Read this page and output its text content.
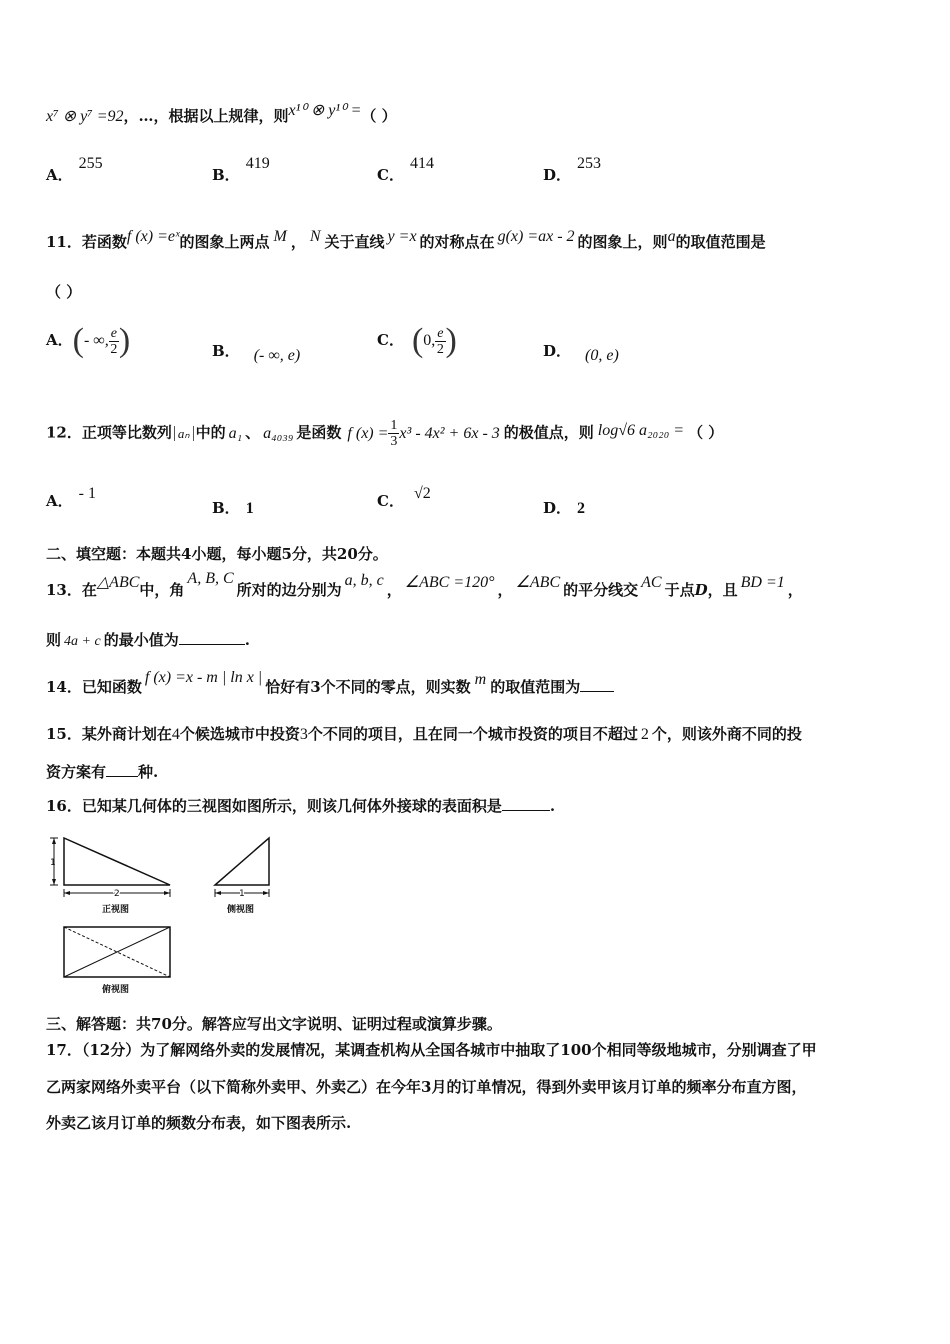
x⁷ ⊗ y⁷ =92，…，根据以上规律，则x¹⁰ ⊗ y¹⁰ =（ ）
A．255
B．419
C．414
D．253
11．若函数f (x) =eˣ的图象上两点 M ， N 关于直线 y =x 的对称点在 g(x) =ax - 2 的图象上，则a的取值范围是
（ ）
A．(- ∞, $\frac{e}{2}$ )	B． (- ∞, e)
C． (0, $\frac{e}{2}$ )	D． (0, e)
12．正项等比数列 aₙ 中的 a₁ 、 a₄₀₃₉ 是函数 f $(x) = \frac{1}{3} x^3 - 4x^2 + 6x - 3$ 的极值点，则 log√6 a₂₀₂₀ = （ ）
A． - 1
B． 1	C． √2
D． 2
二、填空题：本题共4小题，每小题5分，共20分。
13．在△ABC中，角A, B, C所对的边分别为a, b, c， ∠ABC =120° ， ∠ABC 的平分线交 AC 于点D，且 BD =1 ，
则 4a + c 的最小值为	.
14．已知函数f (x) =x - m | ln x |恰好有3个不同的零点，则实数 m 的取值范围为
15．某外商计划在4个候选城市中投资3个不同的项目，且在同一个城市投资的项目不超过 2 个，则该外商不同的投
资方案有 种.
16．已知某几何体的三视图如图所示，则该几何体外接球的表面积是	.
1
2
正视图
1
侧视图
俯视图
三、解答题：共70分。解答应写出文字说明、证明过程或演算步骤。
17．（12分）为了解网络外卖的发展情况，某调查机构从全国各城市中抽取了100个相同等级地城市，分别调查了甲
乙两家网络外卖平台（以下简称外卖甲、外卖乙）在今年3月的订单情况，得到外卖甲该月订单的频率分布直方图，
外卖乙该月订单的频数分布表，如下图表所示.
